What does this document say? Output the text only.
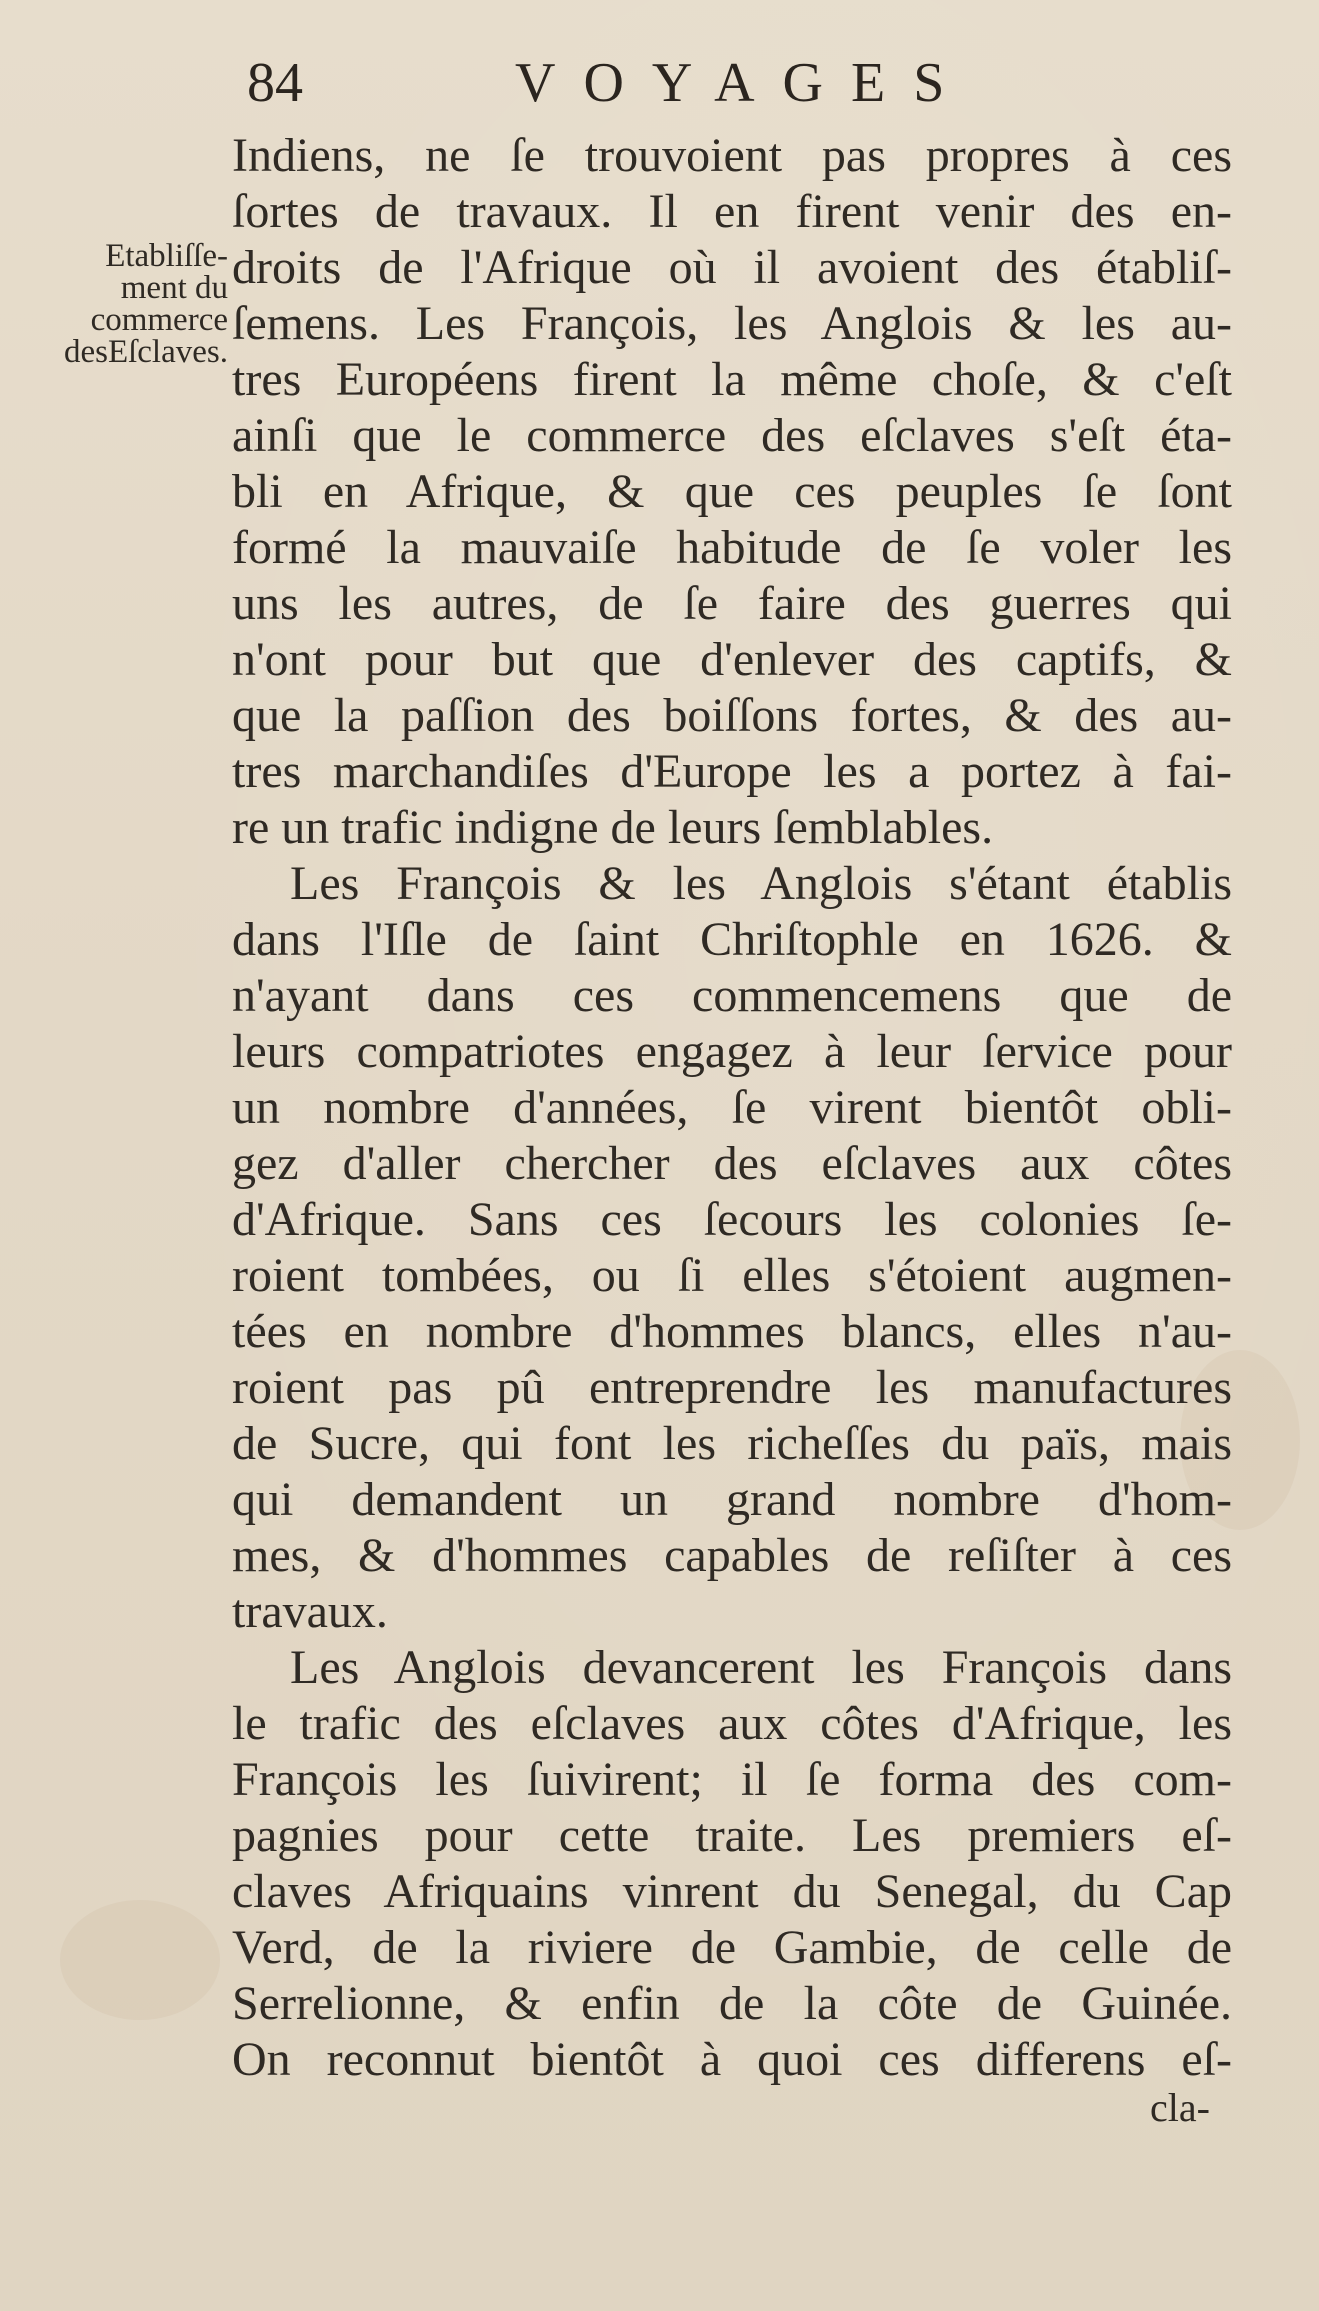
84	VOYAGES
Etabliſſe-
ment du
commerce
desEſclaves.
Indiens, ne ſe trouvoient pas propres à ces
ſortes de travaux. Il en firent venir des en-
droits de l'Afrique où il avoient des établiſ-
ſemens. Les François, les Anglois & les au-
tres Européens firent la même choſe, & c'eſt
ainſi que le commerce des eſclaves s'eſt éta-
bli en Afrique, & que ces peuples ſe ſont
formé la mauvaiſe habitude de ſe voler les
uns les autres, de ſe faire des guerres qui
n'ont pour but que d'enlever des captifs, &
que la paſſion des boiſſons fortes, & des au-
tres marchandiſes d'Europe les a portez à fai-
re un trafic indigne de leurs ſemblables.
Les François & les Anglois s'étant établis
dans l'Iſle de ſaint Chriſtophle en 1626. &
n'ayant dans ces commencemens que de
leurs compatriotes engagez à leur ſervice pour
un nombre d'années, ſe virent bientôt obli-
gez d'aller chercher des eſclaves aux côtes
d'Afrique. Sans ces ſecours les colonies ſe-
roient tombées, ou ſi elles s'étoient augmen-
tées en nombre d'hommes blancs, elles n'au-
roient pas pû entreprendre les manufactures
de Sucre, qui font les richeſſes du païs, mais
qui demandent un grand nombre d'hom-
mes, & d'hommes capables de reſiſter à ces
travaux.
Les Anglois devancerent les François dans
le trafic des eſclaves aux côtes d'Afrique, les
François les ſuivirent; il ſe forma des com-
pagnies pour cette traite. Les premiers eſ-
claves Afriquains vinrent du Senegal, du Cap
Verd, de la riviere de Gambie, de celle de
Serrelionne, & enfin de la côte de Guinée.
On reconnut bientôt à quoi ces differens eſ-
cla-
